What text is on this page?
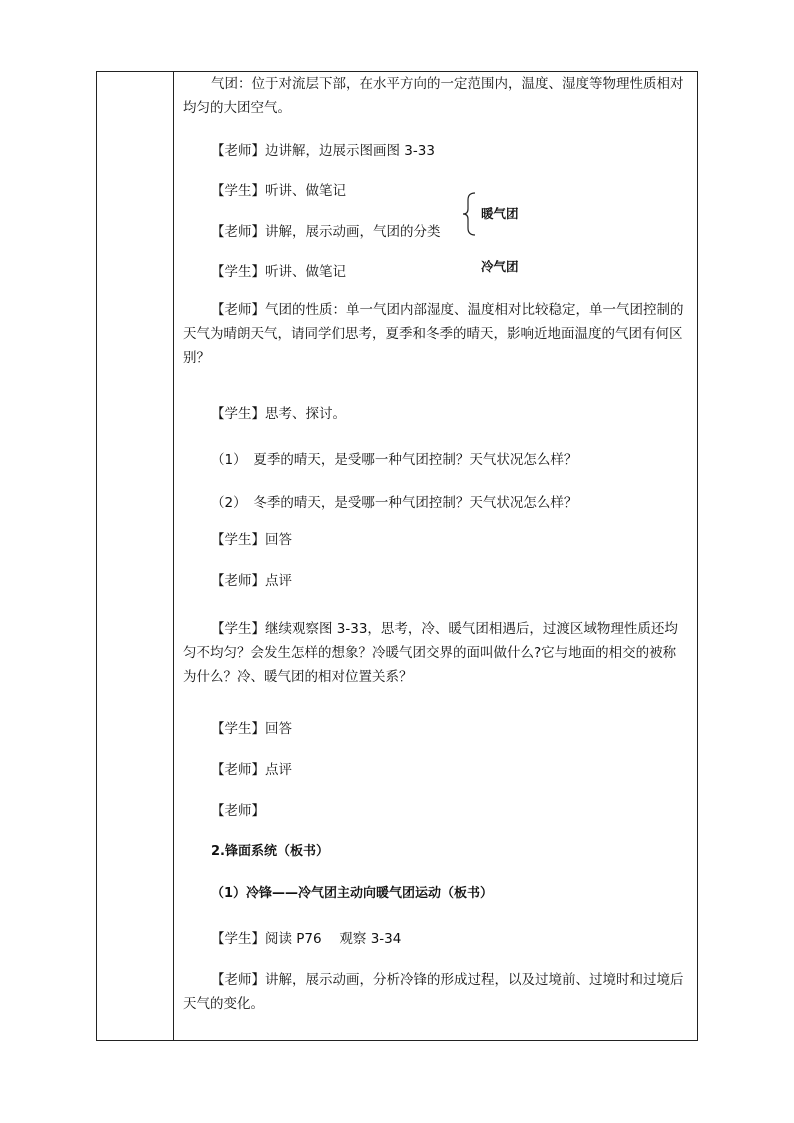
气团：位于对流层下部，在水平方向的一定范围内，温度、湿度等物理性质相对均匀的大团空气。
【老师】边讲解，边展示图画图 3-33
【学生】听讲、做笔记
【老师】讲解，展示动画，气团的分类
暖气团
冷气团
【学生】听讲、做笔记
【老师】气团的性质：单一气团内部湿度、温度相对比较稳定，单一气团控制的天气为晴朗天气，请同学们思考，夏季和冬季的晴天，影响近地面温度的气团有何区别？
【学生】思考、探讨。
（1）　夏季的晴天，是受哪一种气团控制？天气状况怎么样？
（2）　冬季的晴天，是受哪一种气团控制？天气状况怎么样？
【学生】回答
【老师】点评
【学生】继续观察图 3-33，思考，冷、暖气团相遇后，过渡区域物理性质还均匀不均匀？会发生怎样的想象？冷暖气团交界的面叫做什么?它与地面的相交的被称为什么？冷、暖气团的相对位置关系？
【学生】回答
【老师】点评
【老师】
2.锋面系统（板书）
（1）冷锋——冷气团主动向暖气团运动（板书）
【学生】阅读 P76　 观察 3-34
【老师】讲解，展示动画，分析冷锋的形成过程，以及过境前、过境时和过境后天气的变化。
